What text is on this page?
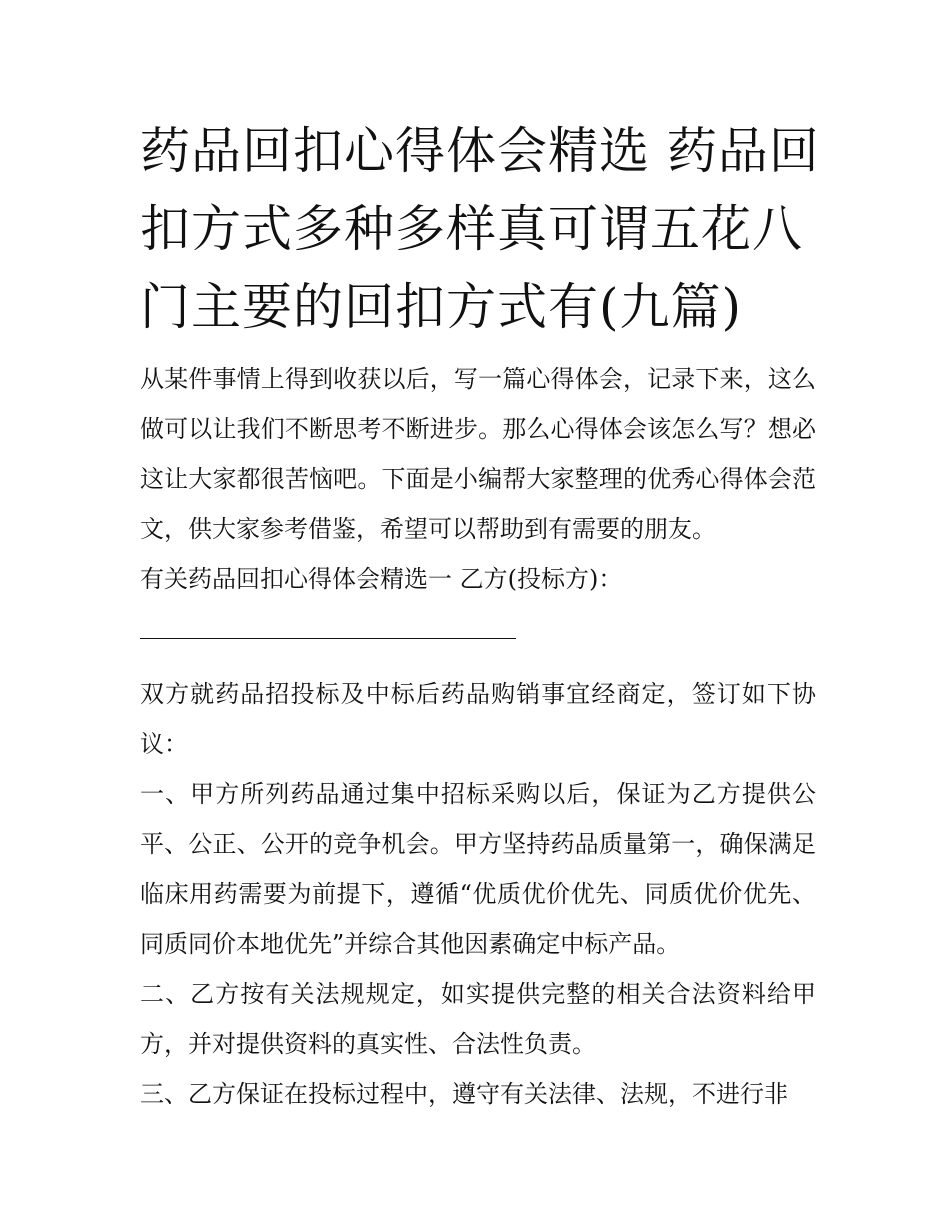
药品回扣心得体会精选 药品回扣方式多种多样真可谓五花八门主要的回扣方式有(九篇)

从某件事情上得到收获以后，写一篇心得体会，记录下来，这么做可以让我们不断思考不断进步。那么心得体会该怎么写？想必这让大家都很苦恼吧。下面是小编帮大家整理的优秀心得体会范文，供大家参考借鉴，希望可以帮助到有需要的朋友。

有关药品回扣心得体会精选一 乙方(投标方)：

双方就药品招投标及中标后药品购销事宜经商定，签订如下协议：

一、甲方所列药品通过集中招标采购以后，保证为乙方提供公平、公正、公开的竞争机会。甲方坚持药品质量第一，确保满足临床用药需要为前提下，遵循“优质优价优先、同质优价优先、同质同价本地优先”并综合其他因素确定中标产品。

二、乙方按有关法规规定，如实提供完整的相关合法资料给甲方，并对提供资料的真实性、合法性负责。

三、乙方保证在投标过程中，遵守有关法律、法规，不进行非
